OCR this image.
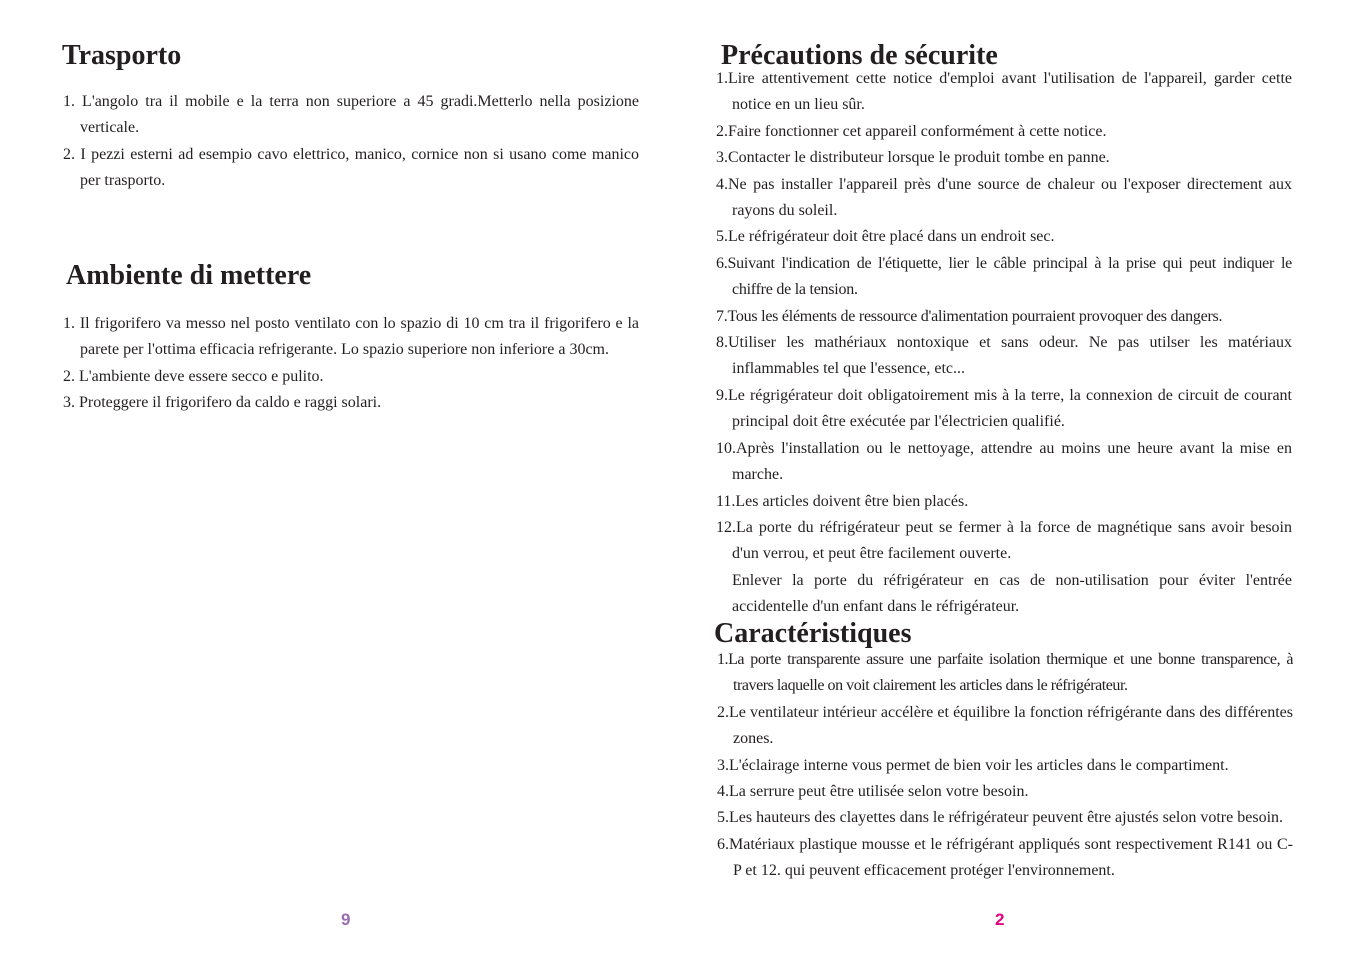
Trasporto
1. L'angolo tra il mobile e la terra non superiore a 45 gradi.Metterlo nella posizione verticale.
2. I pezzi esterni ad esempio cavo elettrico, manico, cornice non si usano come manico per trasporto.
Ambiente di mettere
1. Il frigorifero va messo nel posto ventilato con lo spazio di 10 cm tra il frigorifero e la parete per l'ottima efficacia refrigerante. Lo spazio superiore non inferiore a 30cm.
2. L'ambiente deve essere secco e pulito.
3. Proteggere il frigorifero da caldo e raggi solari.
9
Précautions de sécurite
1.Lire attentivement cette notice d'emploi avant l'utilisation de l'appareil, garder cette notice en un lieu sûr.
2.Faire fonctionner cet appareil conformément à cette notice.
3.Contacter le distributeur lorsque le produit tombe en panne.
4.Ne pas installer l'appareil près d'une source de chaleur ou l'exposer directement aux rayons du soleil.
5.Le réfrigérateur doit être placé dans un endroit sec.
6.Suivant l'indication de l'étiquette, lier le câble principal à la prise qui peut indiquer le chiffre de la tension.
7.Tous les éléments de ressource d'alimentation pourraient provoquer des dangers.
8.Utiliser les mathériaux nontoxique et sans odeur. Ne pas utilser les matériaux inflammables tel que l'essence, etc...
9.Le régrigérateur doit obligatoirement mis à la terre, la connexion de circuit de courant principal doit être exécutée par l'électricien qualifié.
10.Après l'installation ou le nettoyage, attendre au moins une heure avant la mise en marche.
11.Les articles doivent être bien placés.
12.La porte du réfrigérateur peut se fermer à la force de magnétique sans avoir besoin d'un verrou, et peut être facilement ouverte.
Enlever la porte du réfrigérateur en cas de non-utilisation pour éviter l'entrée accidentelle d'un enfant dans le réfrigérateur.
Caractéristiques
1.La porte transparente assure une parfaite isolation thermique et une bonne transparence, à travers laquelle on voit clairement les articles dans le réfrigérateur.
2.Le ventilateur intérieur accélère et équilibre la fonction réfrigérante dans des différentes zones.
3.L'éclairage interne vous permet de bien voir les articles dans le compartiment.
4.La serrure peut être utilisée selon votre besoin.
5.Les hauteurs des clayettes dans le réfrigérateur peuvent être ajustés selon votre besoin.
6.Matériaux plastique mousse et le réfrigérant appliqués sont respectivement R141 ou C-P et 12. qui peuvent efficacement protéger l'environnement.
2
